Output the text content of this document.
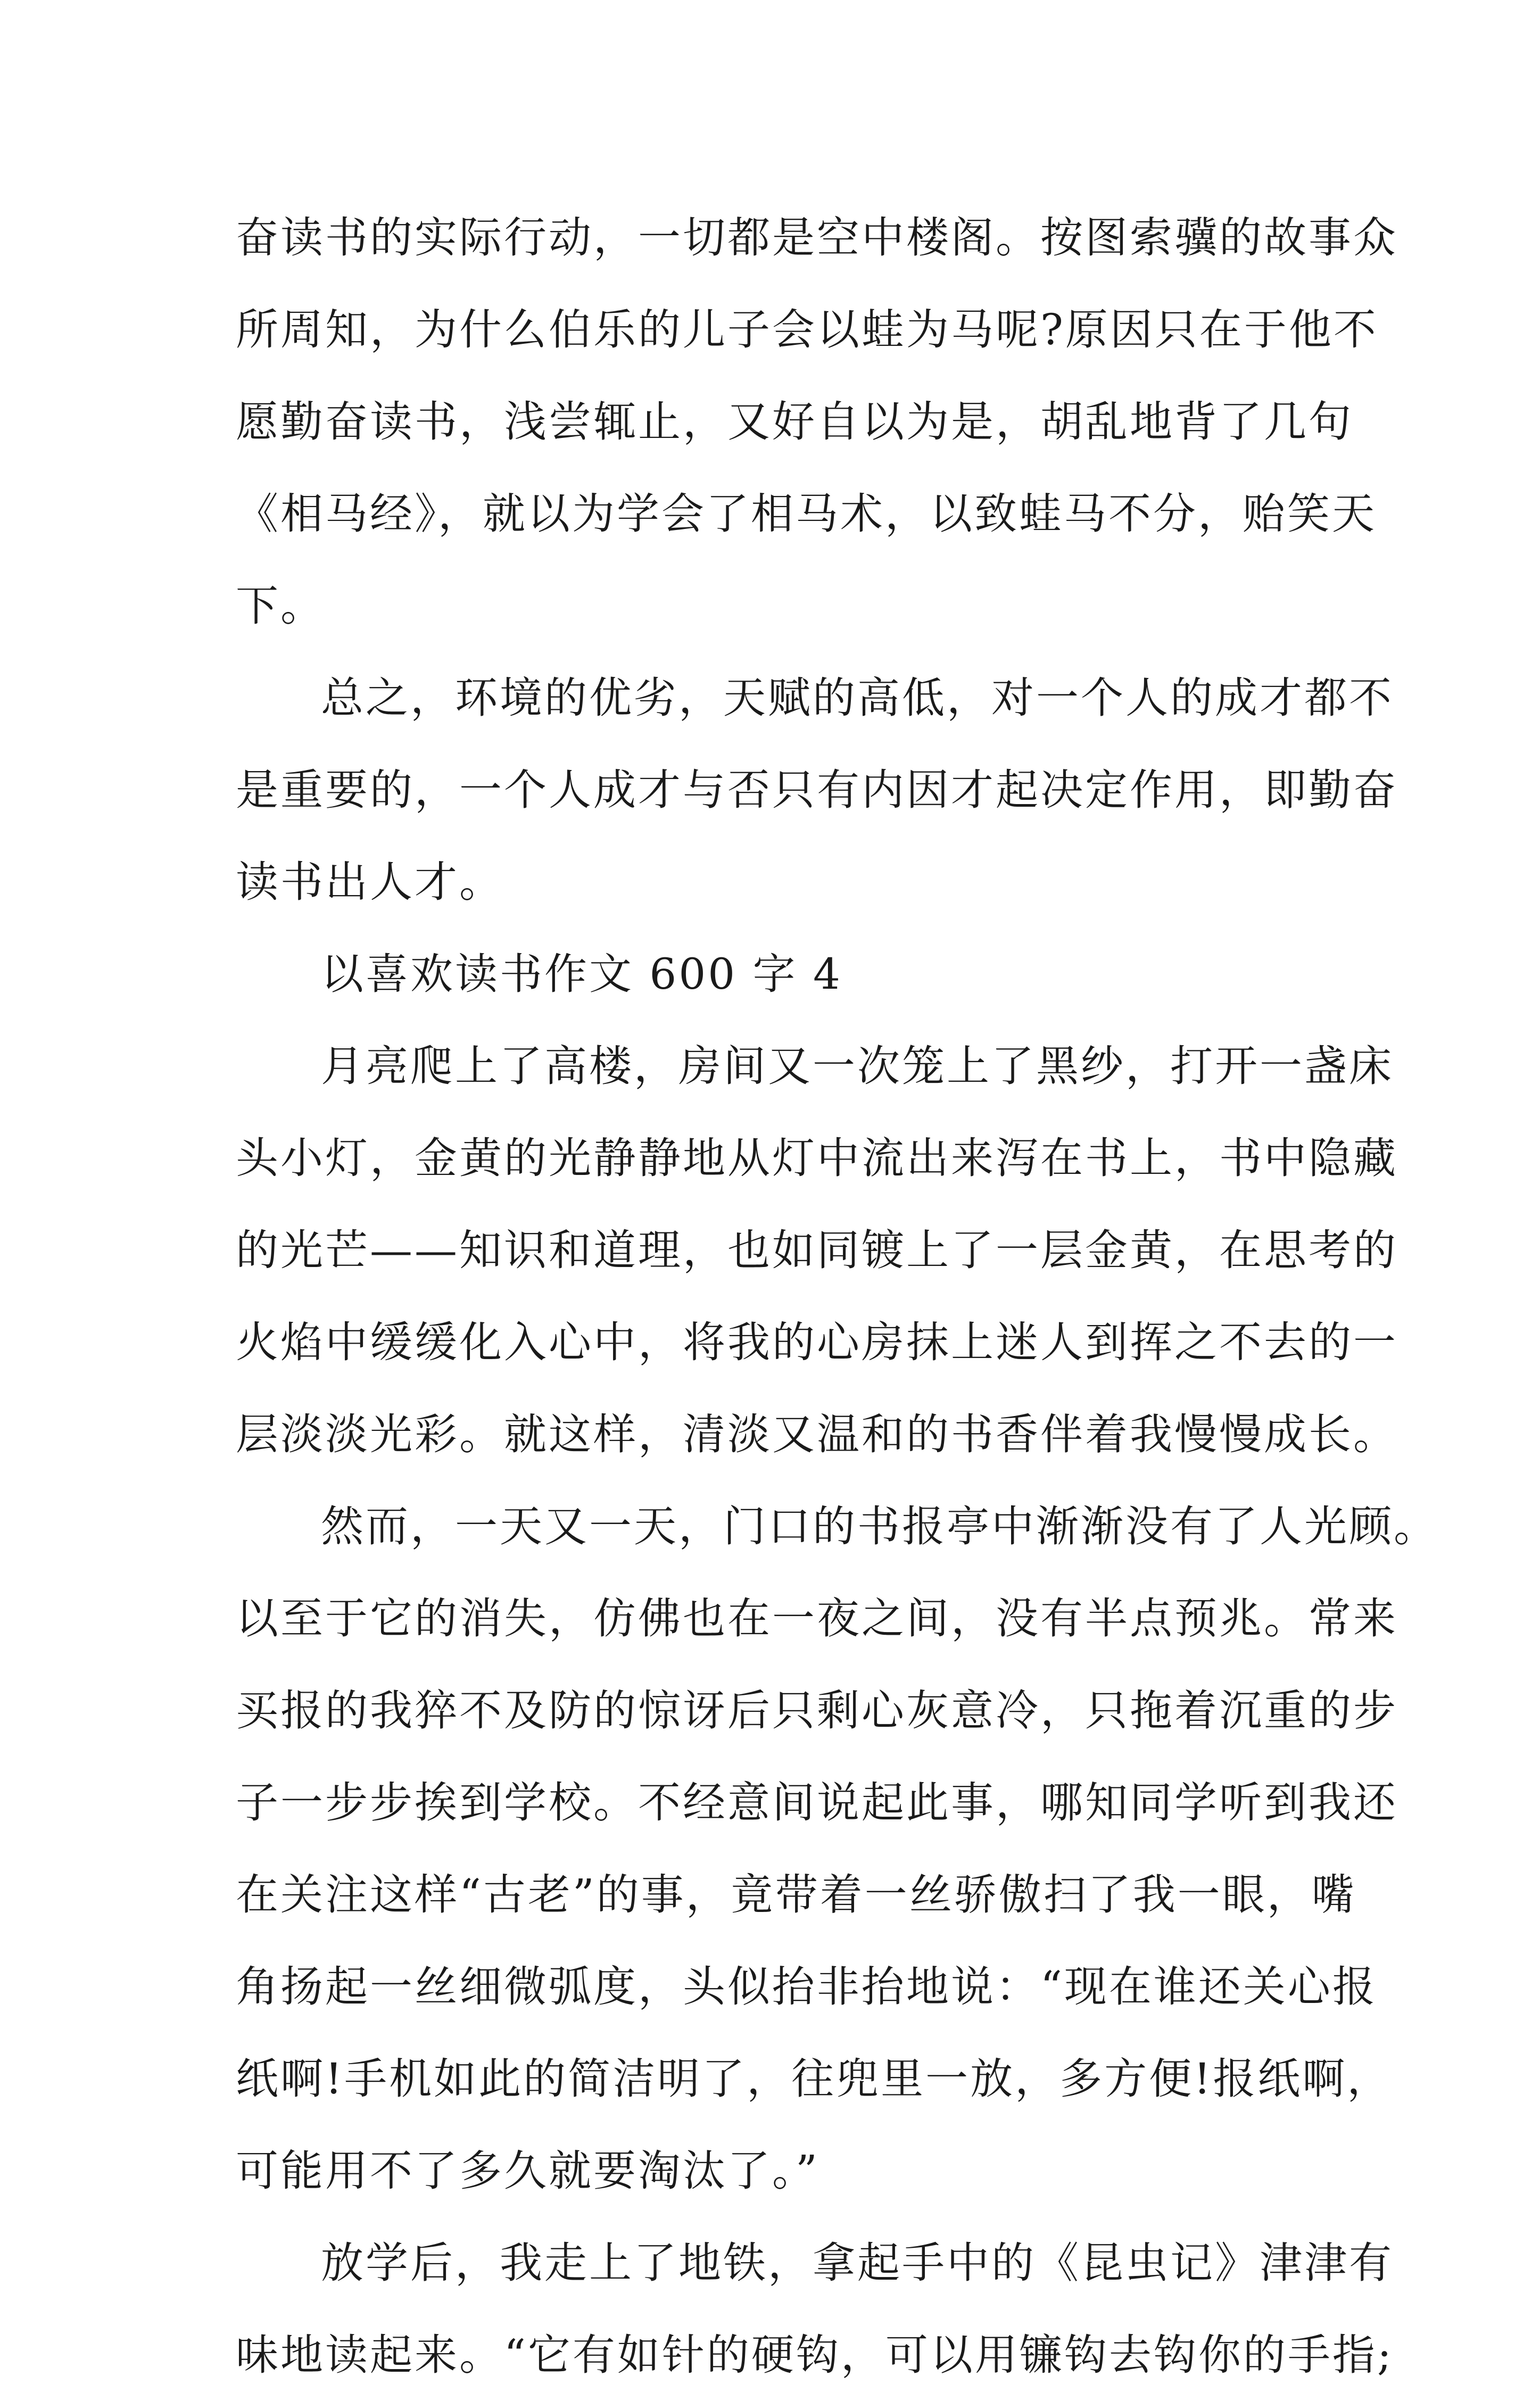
奋读书的实际行动，一切都是空中楼阁。按图索骥的故事众
所周知，为什么伯乐的儿子会以蛙为马呢?原因只在于他不
愿勤奋读书，浅尝辄止，又好自以为是，胡乱地背了几句
《相马经》，就以为学会了相马术，以致蛙马不分，贻笑天
下。
总之，环境的优劣，天赋的高低，对一个人的成才都不
是重要的，一个人成才与否只有内因才起决定作用，即勤奋
读书出人才。
以喜欢读书作文 600 字 4
月亮爬上了高楼，房间又一次笼上了黑纱，打开一盏床
头小灯，金黄的光静静地从灯中流出来泻在书上，书中隐藏
的光芒——知识和道理，也如同镀上了一层金黄，在思考的
火焰中缓缓化入心中，将我的心房抹上迷人到挥之不去的一
层淡淡光彩。就这样，清淡又温和的书香伴着我慢慢成长。
然而，一天又一天，门口的书报亭中渐渐没有了人光顾。
以至于它的消失，仿佛也在一夜之间，没有半点预兆。常来
买报的我猝不及防的惊讶后只剩心灰意冷，只拖着沉重的步
子一步步挨到学校。不经意间说起此事，哪知同学听到我还
在关注这样“古老”的事，竟带着一丝骄傲扫了我一眼，嘴
角扬起一丝细微弧度，头似抬非抬地说：“现在谁还关心报
纸啊!手机如此的简洁明了，往兜里一放，多方便!报纸啊，
可能用不了多久就要淘汰了。”
放学后，我走上了地铁，拿起手中的《昆虫记》津津有
味地读起来。“它有如针的硬钩，可以用镰钩去钩你的手指;
